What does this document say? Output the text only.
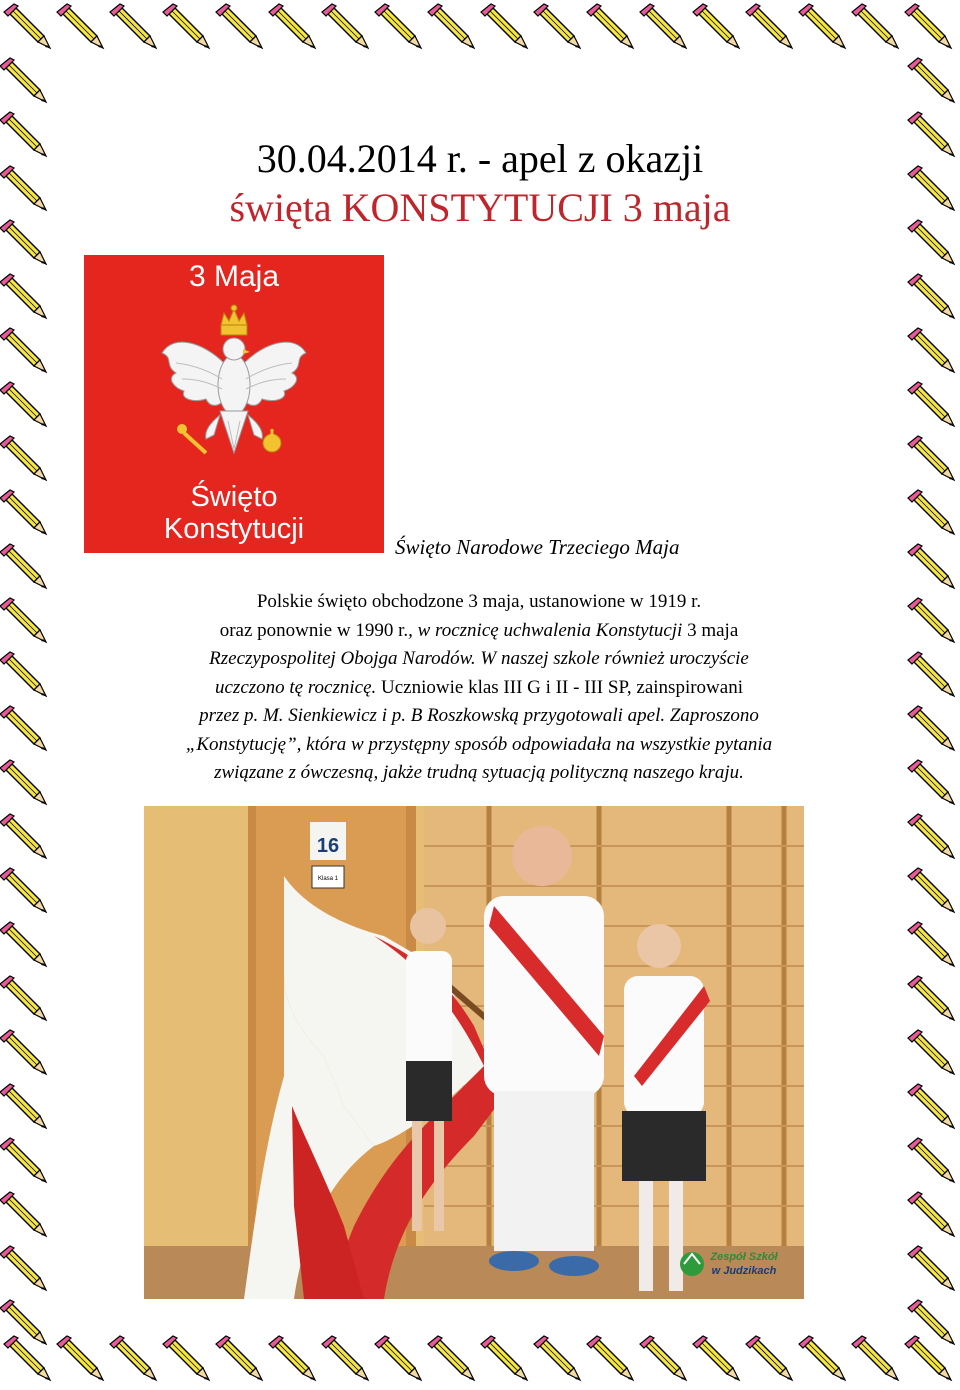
30.04.2014 r. - apel z okazji
święta KONSTYTUCJI 3 maja
3 Maja
Święto
Konstytucji
Święto Narodowe Trzeciego Maja
Polskie święto obchodzone 3 maja, ustanowione w 1919 r.
oraz ponownie w 1990 r., w rocznicę uchwalenia Konstytucji 3 maja
Rzeczypospolitej Obojga Narodów. W naszej szkole również uroczyście
uczczono tę rocznicę. Uczniowie klas III G i II - III SP, zainspirowani
przez p. M. Sienkiewicz i p. B Roszkowską przygotowali apel. Zaproszono
„Konstytucję”, która w przystępny sposób odpowiadała na wszystkie pytania
związane z ówczesną, jakże trudną sytuacją polityczną naszego kraju.
16
Klasa 1
Zespół Szkół
w Judzikach
